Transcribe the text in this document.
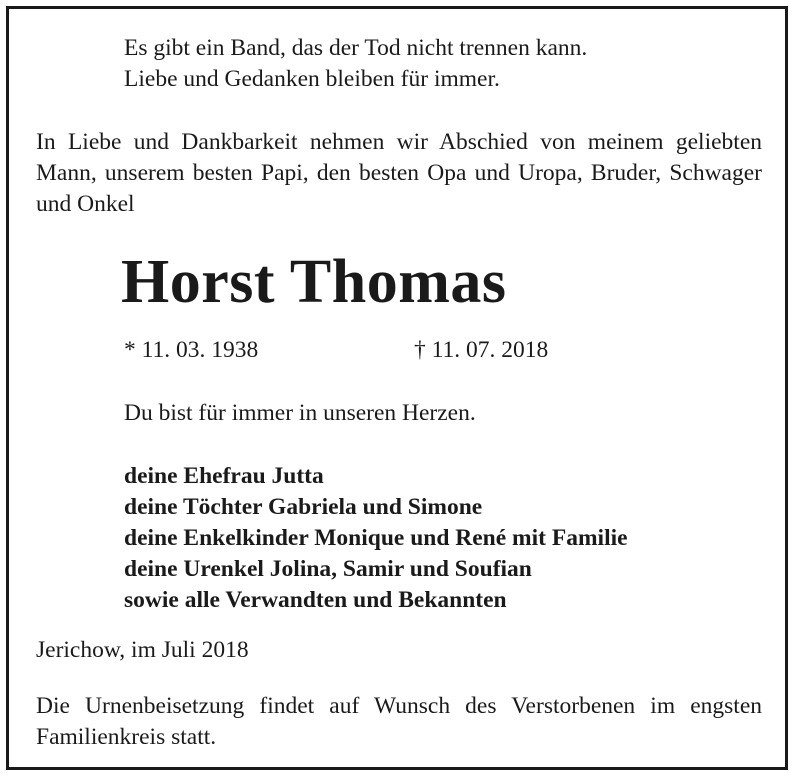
Es gibt ein Band, das der Tod nicht trennen kann.
Liebe und Gedanken bleiben für immer.
In Liebe und Dankbarkeit nehmen wir Abschied von meinem geliebten Mann, unserem besten Papi, den besten Opa und Uropa, Bruder, Schwager und Onkel
Horst Thomas
* 11. 03. 1938	† 11. 07. 2018
Du bist für immer in unseren Herzen.
deine Ehefrau Jutta
deine Töchter Gabriela und Simone
deine Enkelkinder Monique und René mit Familie
deine Urenkel Jolina, Samir und Soufian
sowie alle Verwandten und Bekannten
Jerichow, im Juli 2018
Die Urnenbeisetzung findet auf Wunsch des Verstorbenen im engsten Familienkreis statt.
